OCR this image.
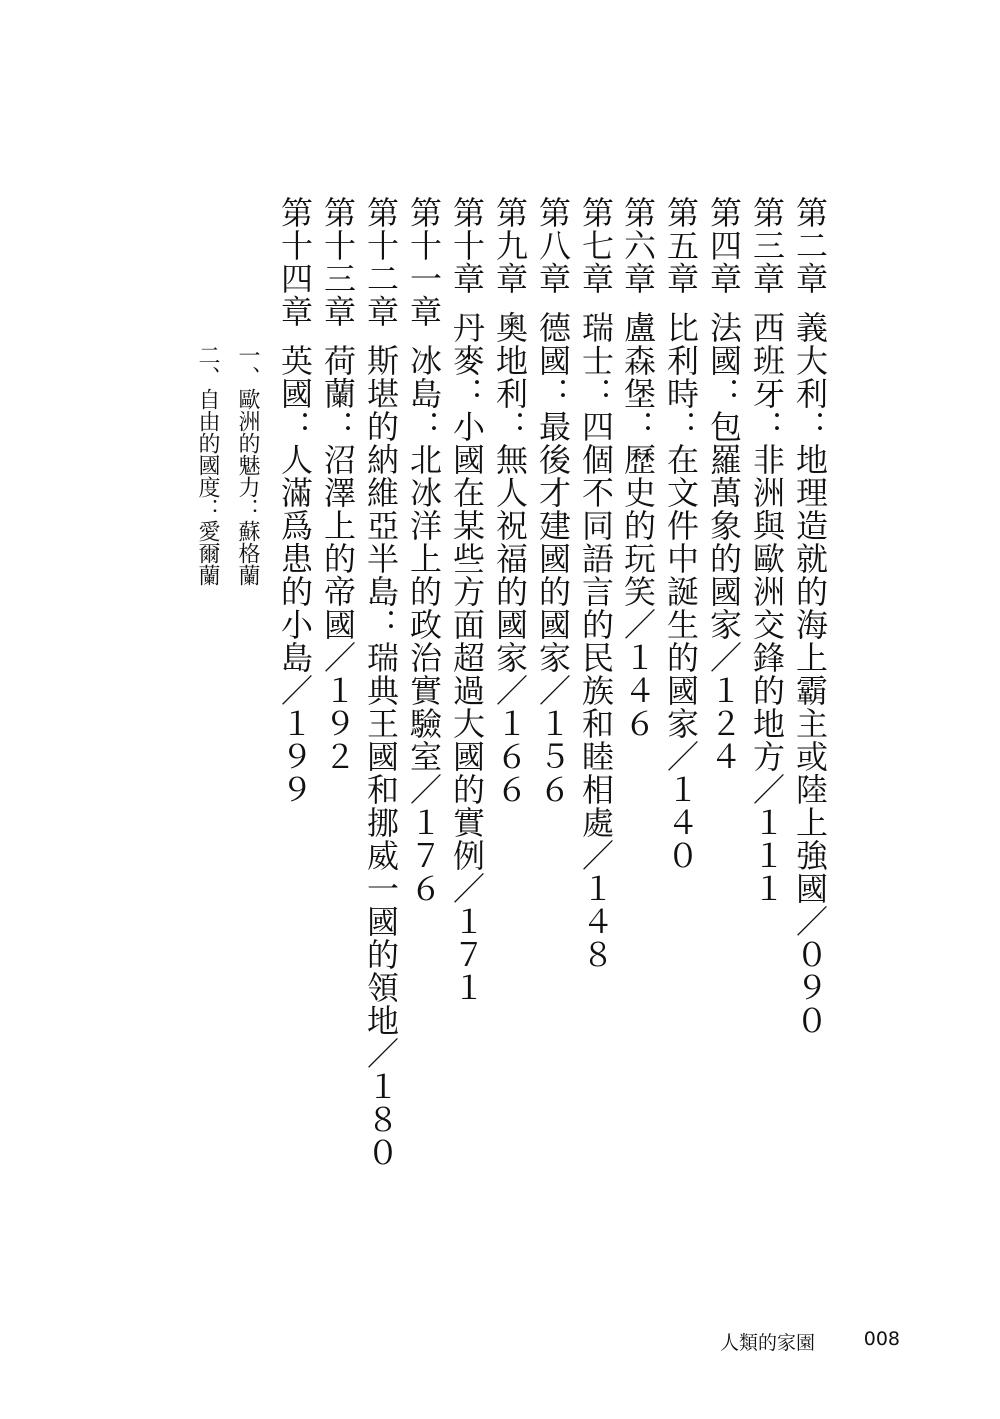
第二章義大利：地理造就的海上霸主或陸上強國／０９０
第三章西班牙：非洲與歐洲交鋒的地方／１１１
第四章法國：包羅萬象的國家／１２４
第五章比利時：在文件中誕生的國家／１４０
第六章盧森堡：歷史的玩笑／１４６
第七章瑞士：四個不同語言的民族和睦相處／１４８
第八章德國：最後才建國的國家／１５６
第九章奧地利：無人祝福的國家／１６６
第十章丹麥：小國在某些方面超過大國的實例／１７１
第十一章冰島：北冰洋上的政治實驗室／１７６
第十二章斯堪的納維亞半島：瑞典王國和挪威一國的領地／１８０
第十三章荷蘭：沼澤上的帝國／１９２
第十四章英國：人滿爲患的小島／１９９
一、歐洲的魅力：蘇格蘭
二、自由的國度：愛爾蘭
人類的家園	008
